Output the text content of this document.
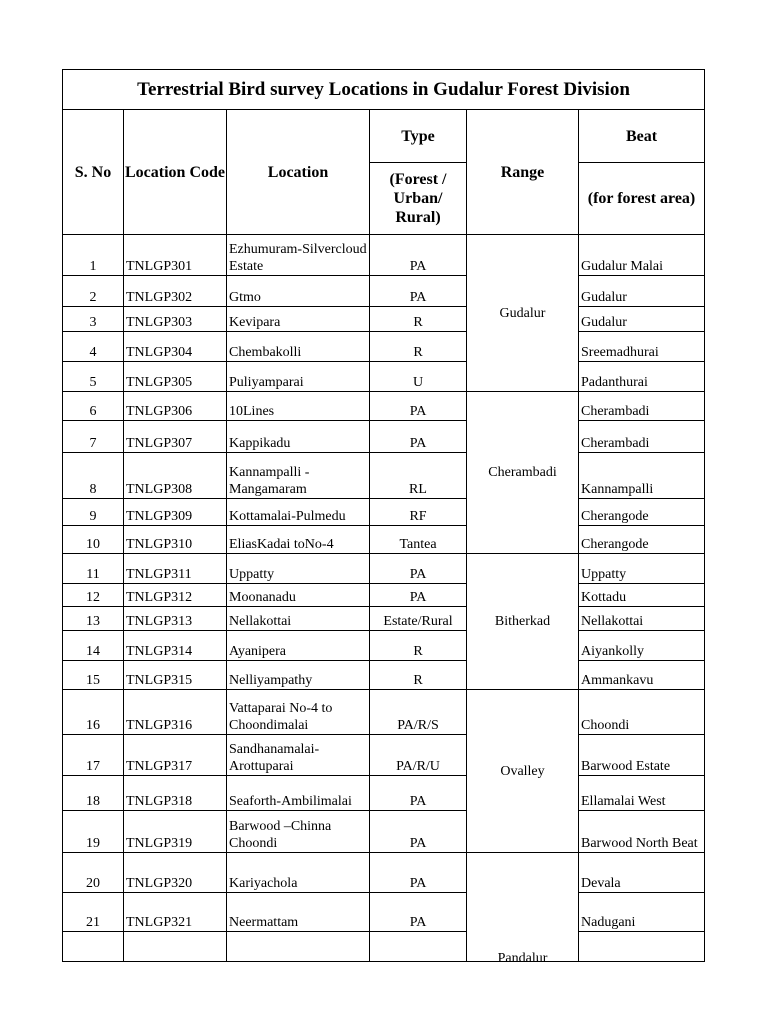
Terrestrial Bird survey Locations in Gudalur Forest Division					
S. No	Location Code	Location	Type	Range	Beat
			(Forest / Urban/ Rural)		(for forest area)
1	TNLGP301	Ezhumuram-Silvercloud Estate	PA	Gudalur	Gudalur Malai
2	TNLGP302	Gtmo	PA		Gudalur
3	TNLGP303	Kevipara	R		Gudalur
4	TNLGP304	Chembakolli	R		Sreemadhurai
5	TNLGP305	Puliyamparai	U		Padanthurai
6	TNLGP306	10Lines	PA	Cherambadi	Cherambadi
7	TNLGP307	Kappikadu	PA		Cherambadi
8	TNLGP308	Kannampalli - Mangamaram	RL		Kannampalli
9	TNLGP309	Kottamalai-Pulmedu	RF		Cherangode
10	TNLGP310	EliasKadai toNo-4	Tantea		Cherangode
11	TNLGP311	Uppatty	PA	Bitherkad	Uppatty
12	TNLGP312	Moonanadu	PA		Kottadu
13	TNLGP313	Nellakottai	Estate/Rural		Nellakottai
14	TNLGP314	Ayanipera	R		Aiyankolly
15	TNLGP315	Nelliyampathy	R		Ammankavu
16	TNLGP316	Vattaparai No-4 to Choondimalai	PA/R/S	Ovalley	Choondi
17	TNLGP317	Sandhanamalai-Arottuparai	PA/R/U		Barwood Estate
18	TNLGP318	Seaforth-Ambilimalai	PA		Ellamalai West
19	TNLGP319	Barwood –Chinna Choondi	PA		Barwood North Beat
20	TNLGP320	Kariyachola	PA	Pandalur	Devala
21	TNLGP321	Neermattam	PA		Nadugani
